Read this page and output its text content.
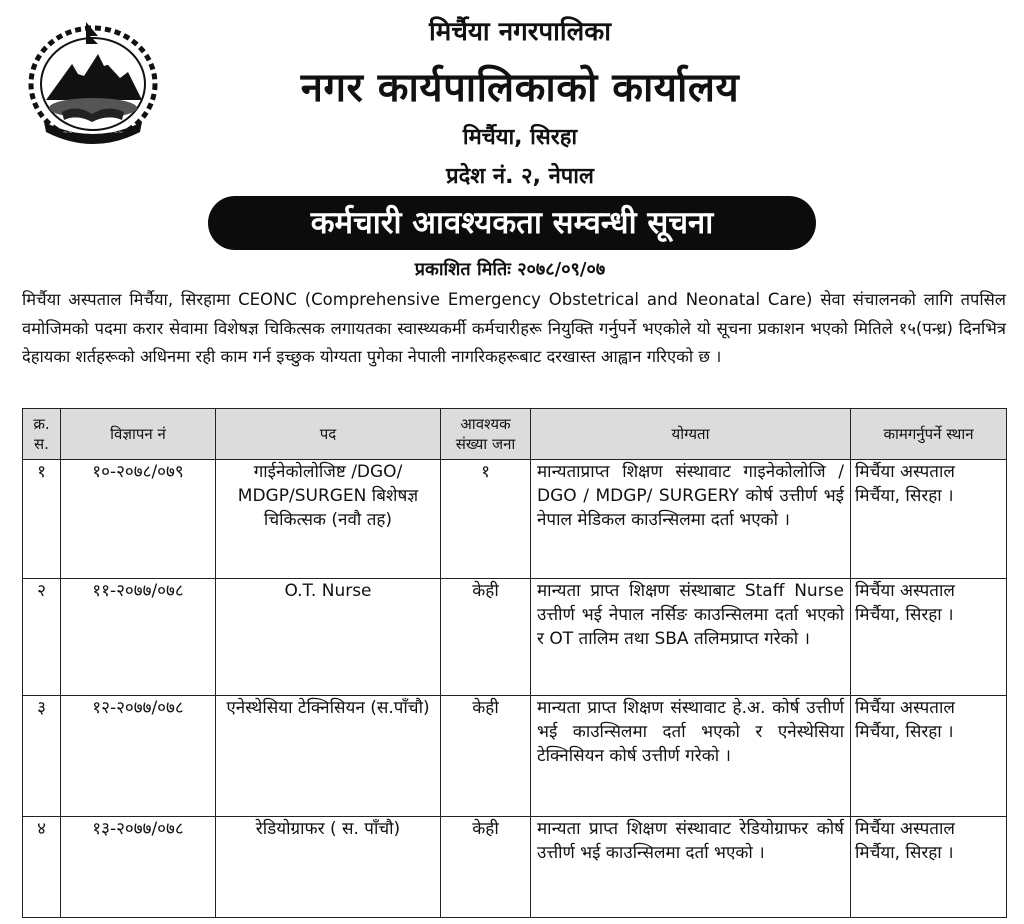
~~~~~~~~~~~~
मिर्चैया नगरपालिका
नगर कार्यपालिकाको कार्यालय
मिर्चैया, सिरहा
प्रदेश नं. २, नेपाल
कर्मचारी आवश्यकता सम्वन्धी सूचना
प्रकाशित मितिः २०७८/०९/०७
मिर्चैया अस्पताल मिर्चैया, सिरहामा CEONC (Comprehensive Emergency Obstetrical and Neonatal Care) सेवा संचालनको लागि तपसिल वमोजिमको पदमा करार सेवामा विशेषज्ञ चिकित्सक लगायतका स्वास्थ्यकर्मी कर्मचारीहरू नियुक्ति गर्नुपर्ने भएकोले यो सूचना प्रकाशन भएको मितिले १५(पन्ध्र) दिनभित्र देहायका शर्तहरूको अधिनमा रही काम गर्न इच्छुक योग्यता पुगेका नेपाली नागरिकहरूबाट दरखास्त आह्वान गरिएको छ ।
क्र. स.	विज्ञापन नं	पद	आवश्यक संख्या जना	योग्यता	कामगर्नुपर्ने स्थान
१	१०-२०७८/०७९	गाईनेकोलोजिष्ट /DGO/ MDGP/SURGEN बिशेषज्ञ चिकित्सक (नवौ तह)	१	मान्यताप्राप्त शिक्षण संस्थावाट गाइनेकोलोजि / DGO / MDGP/ SURGERY कोर्ष उत्तीर्ण भई नेपाल मेडिकल काउन्सिलमा दर्ता भएको ।	मिर्चैया अस्पताल मिर्चैया, सिरहा ।
२	११-२०७७/०७८	O.T. Nurse	केही	मान्यता प्राप्त शिक्षण संस्थाबाट Staff Nurse उत्तीर्ण भई नेपाल नर्सिङ काउन्सिलमा दर्ता भएको र OT तालिम तथा SBA तलिमप्राप्त गरेको ।	मिर्चैया अस्पताल मिर्चैया, सिरहा ।
३	१२-२०७७/०७८	एनेस्थेसिया टेक्निसियन (स.पाँचौ)	केही	मान्यता प्राप्त शिक्षण संस्थावाट हे.अ. कोर्ष उत्तीर्ण भई काउन्सिलमा दर्ता भएको र एनेस्थेसिया टेक्निसियन कोर्ष उत्तीर्ण गरेको ।	मिर्चैया अस्पताल मिर्चैया, सिरहा ।
४	१३-२०७७/०७८	रेडियोग्राफर ( स. पाँचौ)	केही	मान्यता प्राप्त शिक्षण संस्थावाट रेडियोग्राफर कोर्ष उत्तीर्ण भई काउन्सिलमा दर्ता भएको ।	मिर्चैया अस्पताल मिर्चैया, सिरहा ।
